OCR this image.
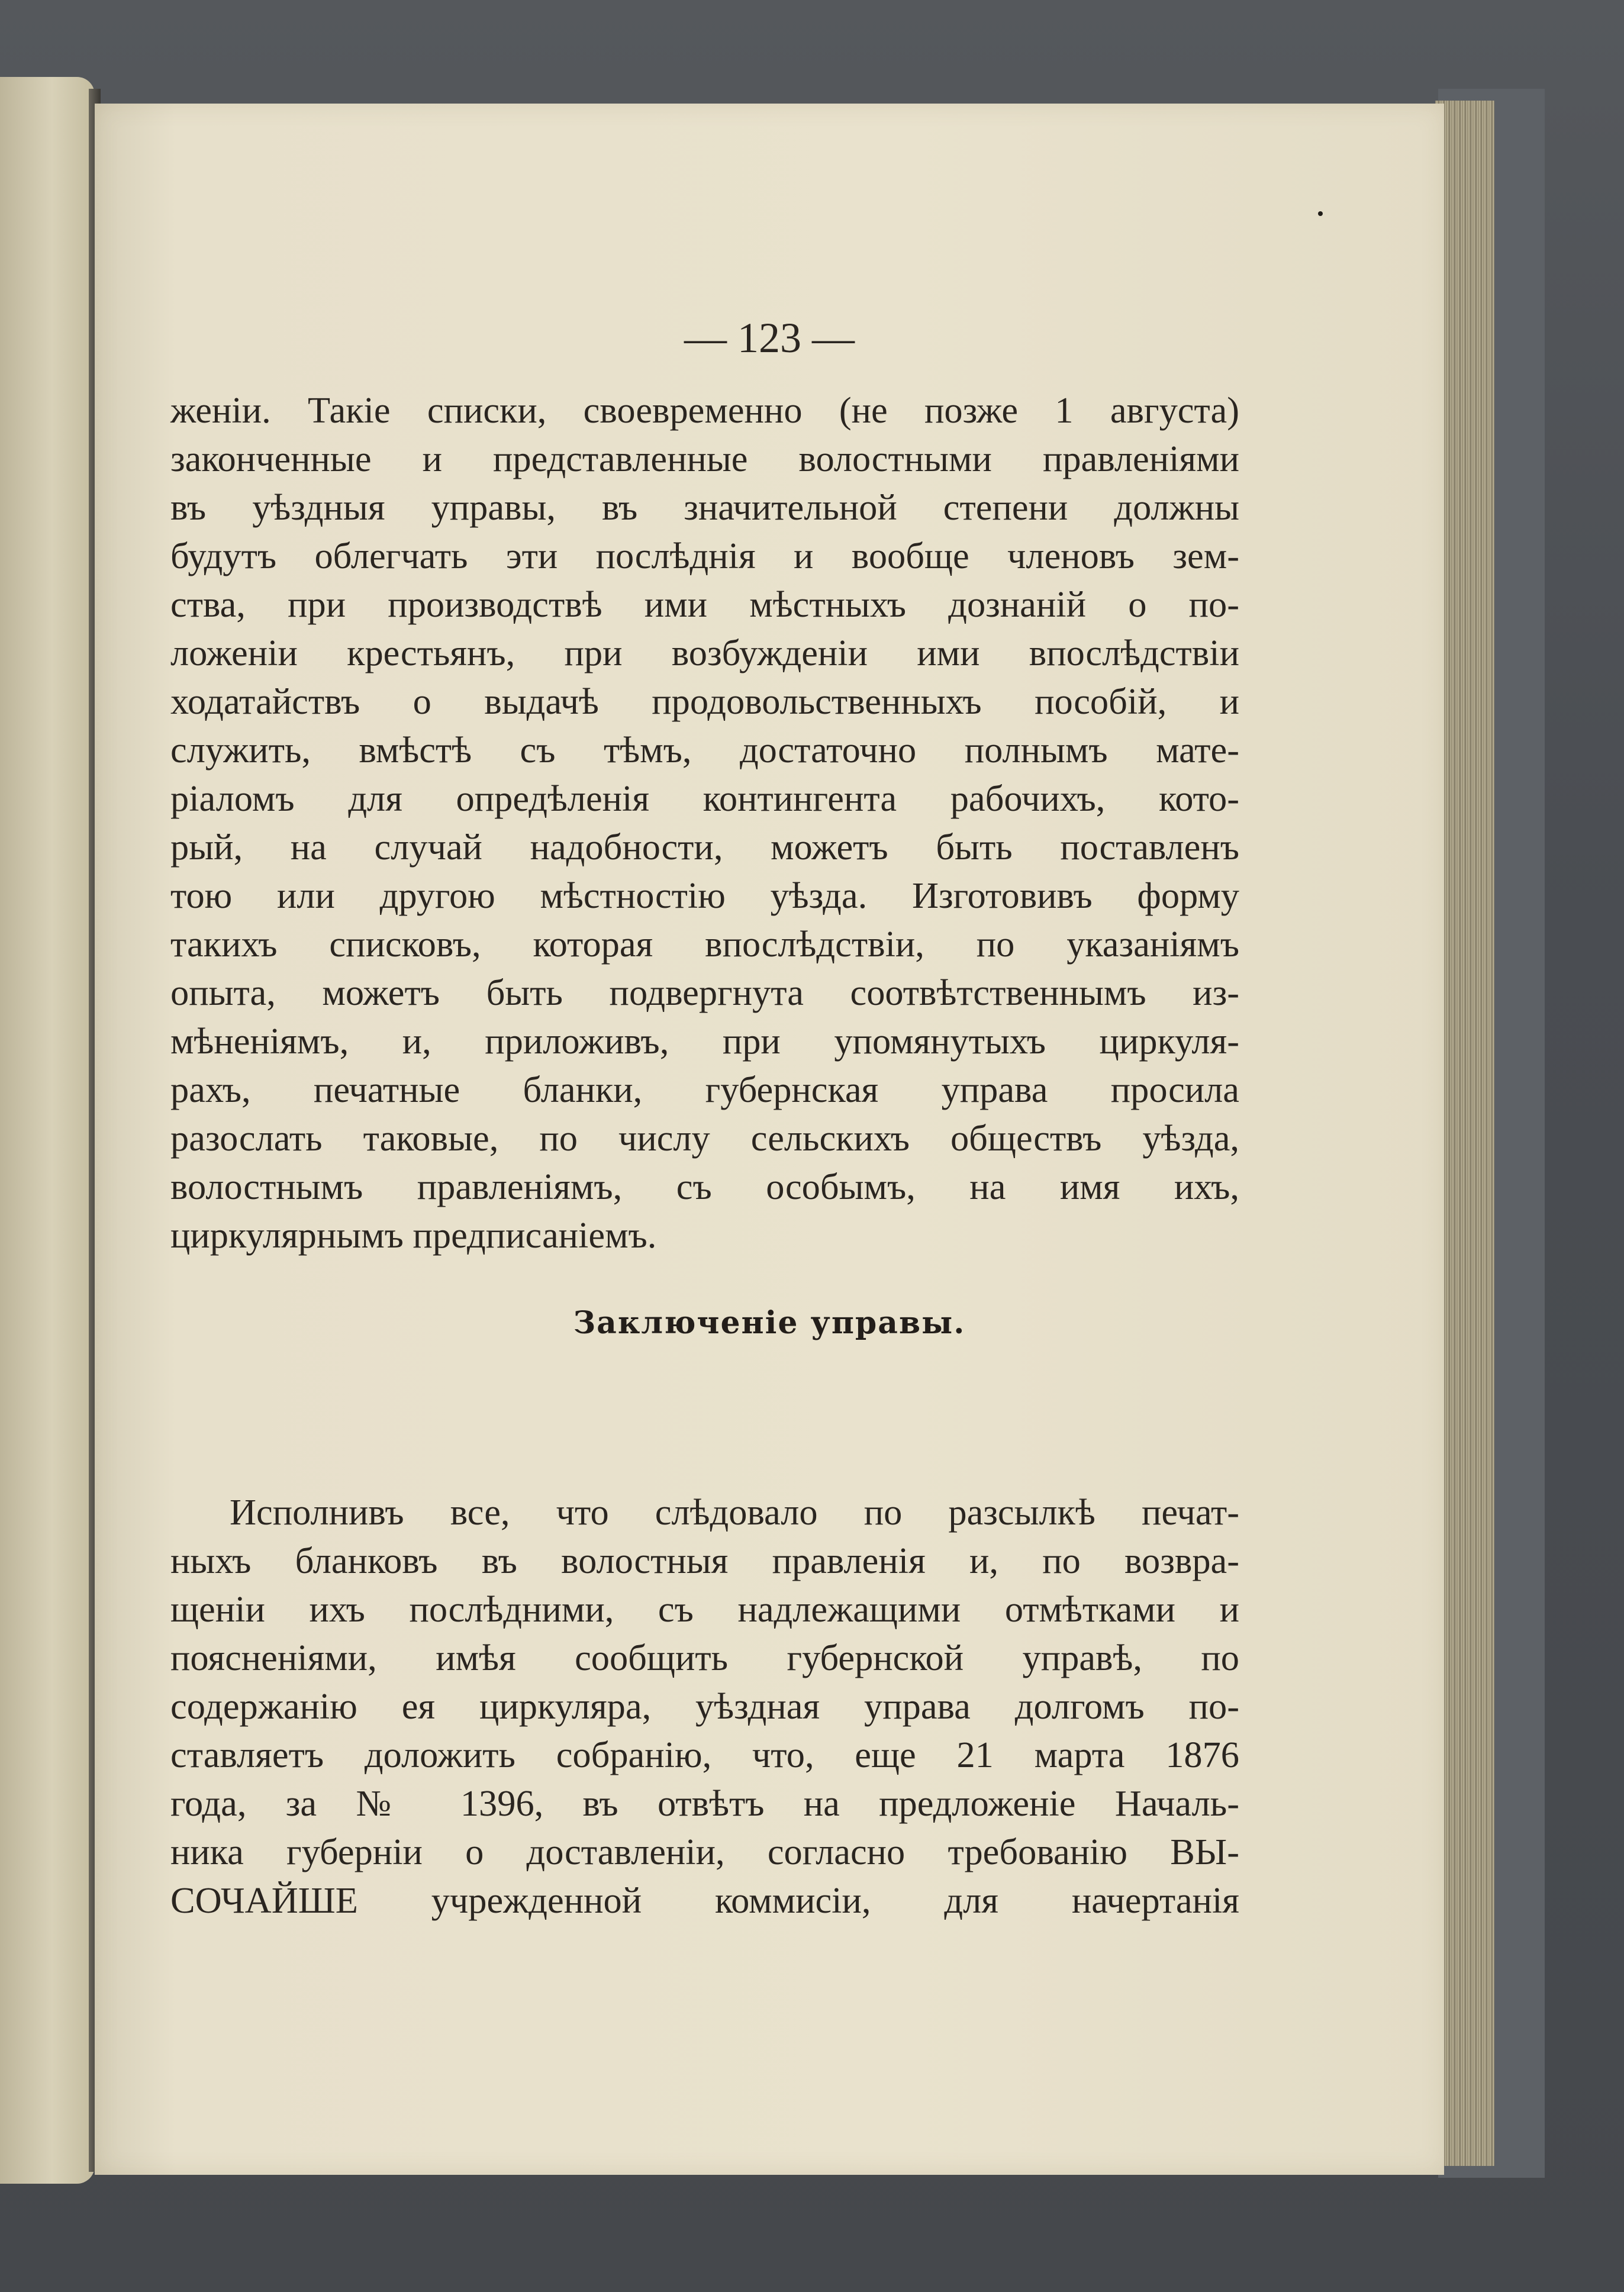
— 123 —
женіи. Такіе списки, своевременно (не позже 1 августа)
законченные и представленные волостными правленіями
въ уѣздныя управы, въ значительной степени должны
будутъ облегчать эти послѣднія и вообще членовъ зем-
ства, при производствѣ ими мѣстныхъ дознаній о по-
ложеніи крестьянъ, при возбужденіи ими впослѣдствіи
ходатайствъ о выдачѣ продовольственныхъ пособій, и
служить, вмѣстѣ съ тѣмъ, достаточно полнымъ мате-
ріаломъ для опредѣленія контингента рабочихъ, кото-
рый, на случай надобности, можетъ быть поставленъ
тою или другою мѣстностію уѣзда. Изготовивъ форму
такихъ списковъ, которая впослѣдствіи, по указаніямъ
опыта, можетъ быть подвергнута соотвѣтственнымъ из-
мѣненіямъ, и, приложивъ, при упомянутыхъ циркуля-
рахъ, печатные бланки, губернская управа просила
разослать таковые, по числу сельскихъ обществъ уѣзда,
волостнымъ правленіямъ, съ особымъ, на имя ихъ,
циркулярнымъ предписаніемъ.
Заключеніе управы.
Исполнивъ все, что слѣдовало по разсылкѣ печат-
ныхъ бланковъ въ волостныя правленія и, по возвра-
щеніи ихъ послѣдними, съ надлежащими отмѣтками и
поясненіями, имѣя сообщить губернской управѣ, по
содержанію ея циркуляра, уѣздная управа долгомъ по-
ставляетъ доложить собранію, что, еще 21 марта 1876
года, за № 1396, въ отвѣтъ на предложеніе Началь-
ника губерніи о доставленіи, согласно требованію ВЫ-
СОЧАЙШЕ учрежденной коммисіи, для начертанія
